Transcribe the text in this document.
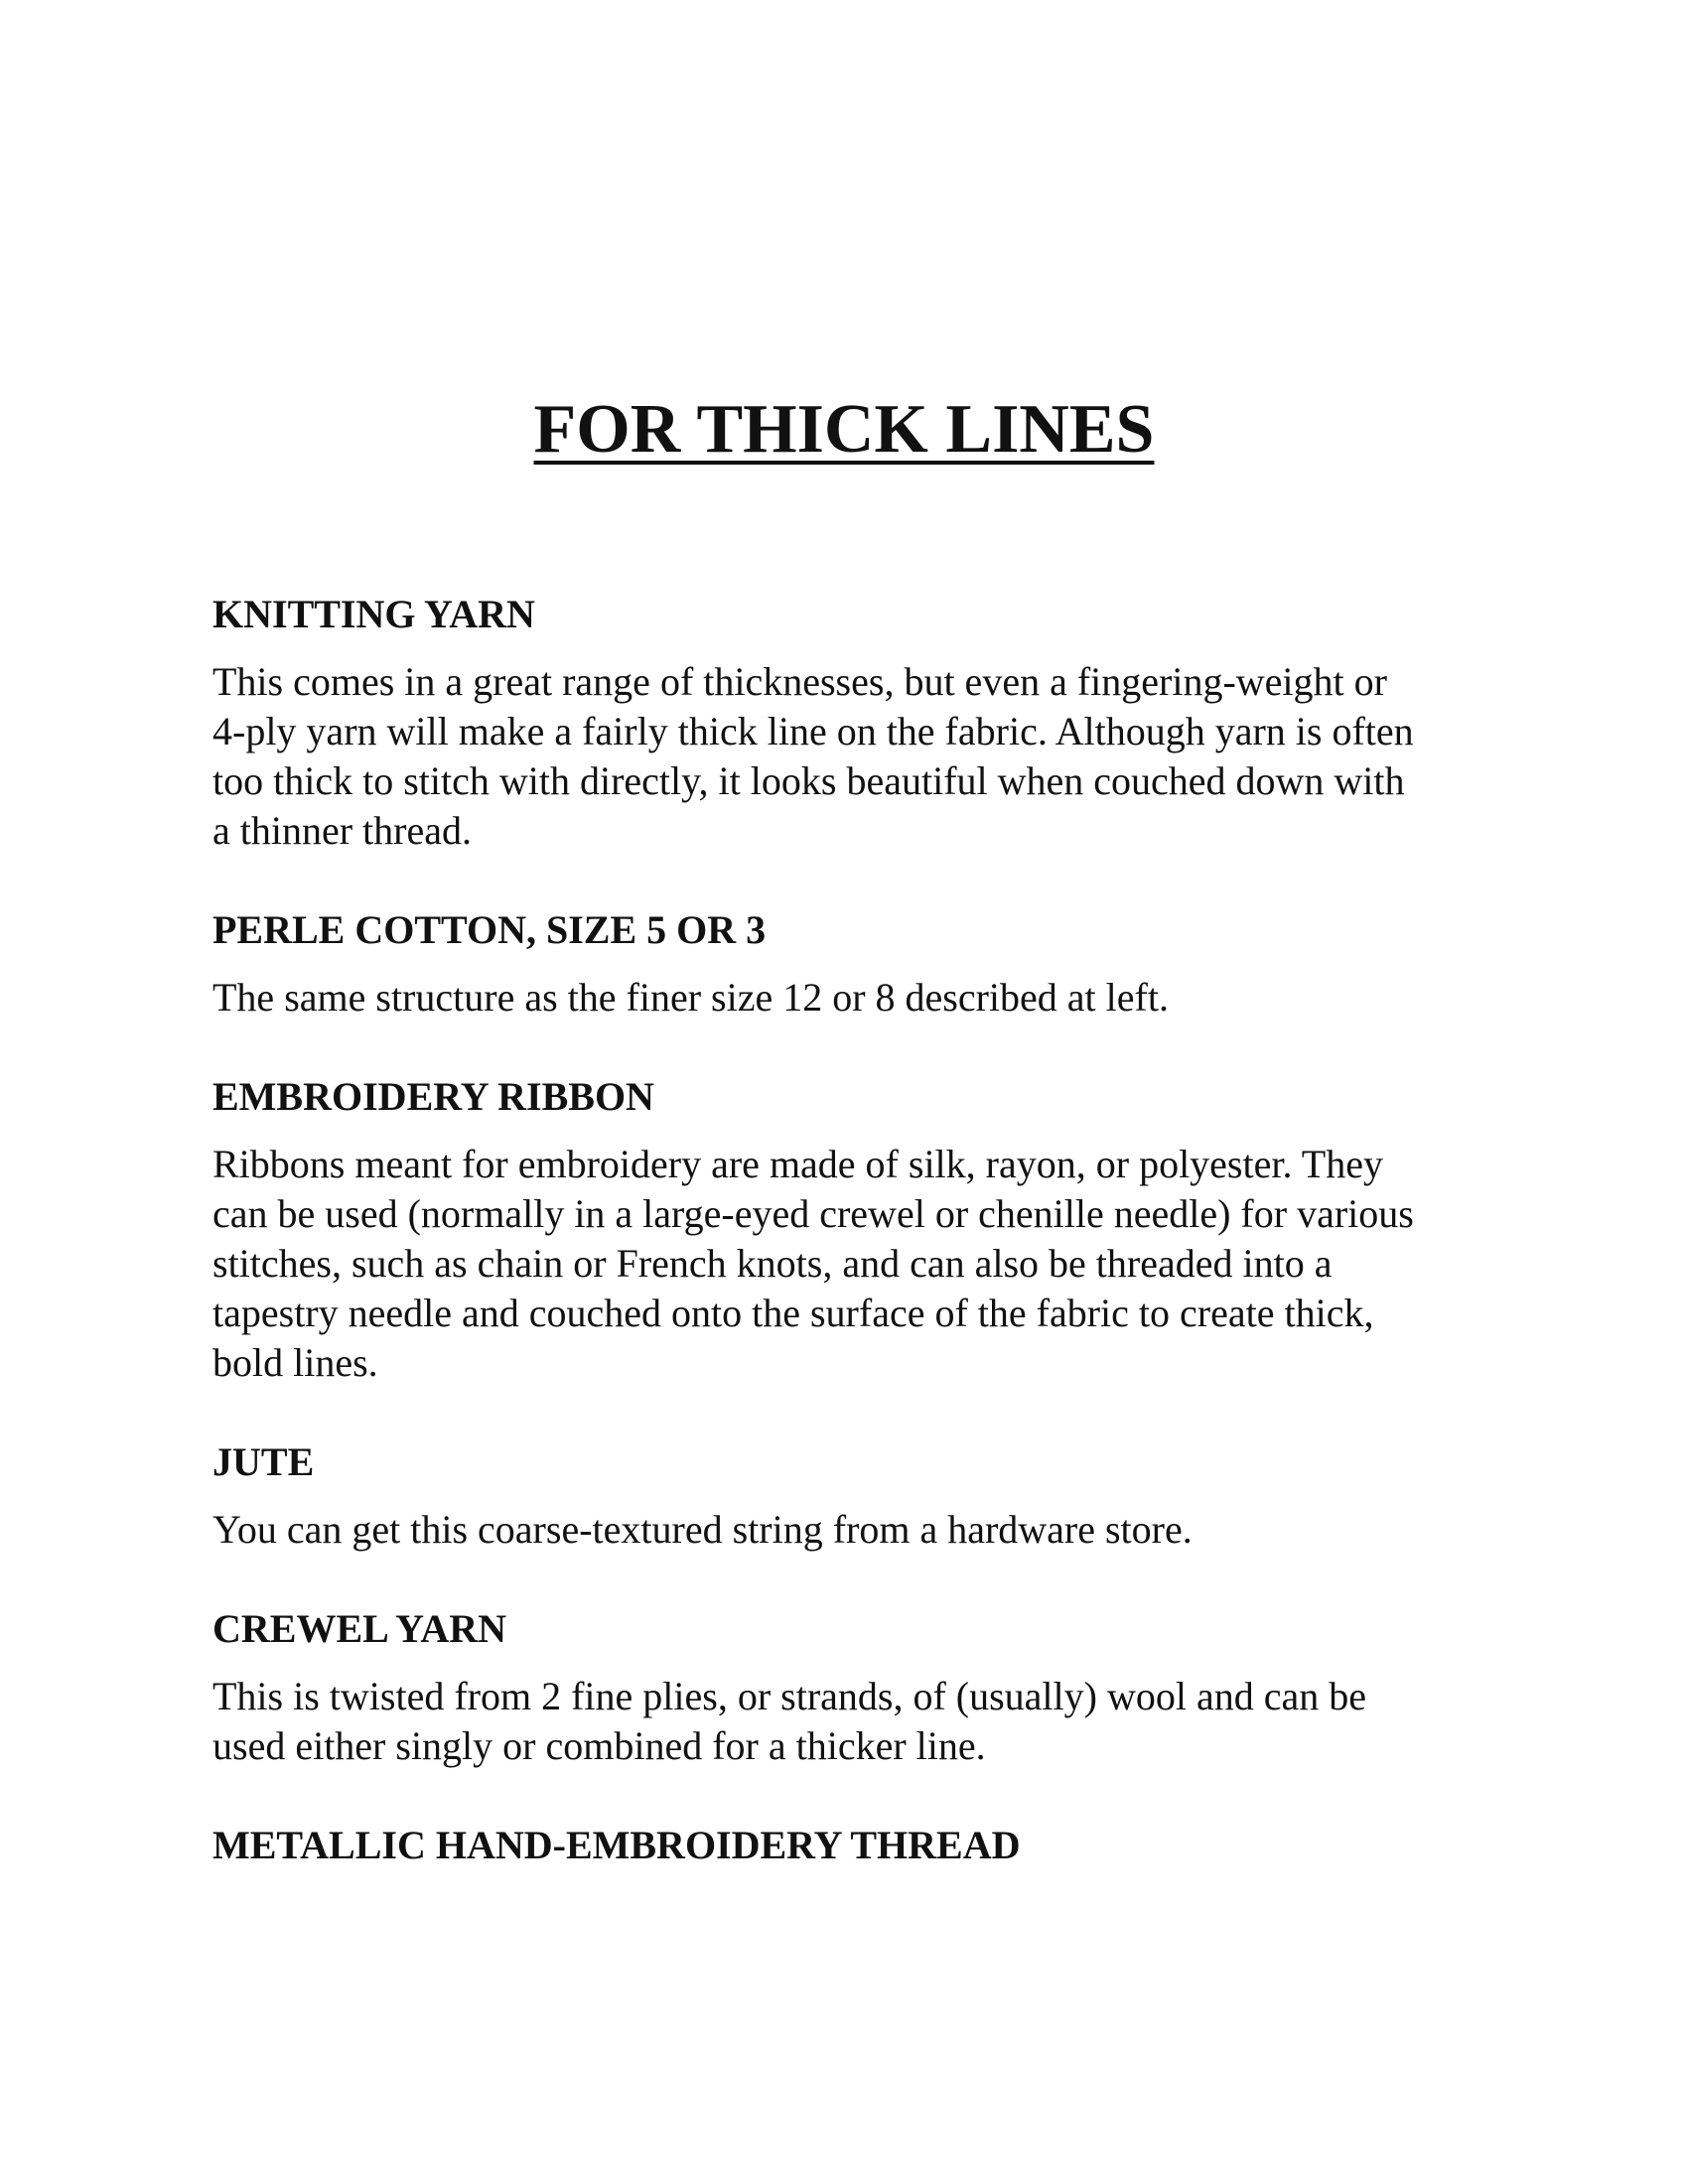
FOR THICK LINES

KNITTING YARN

This comes in a great range of thicknesses, but even a fingering-weight or
4-ply yarn will make a fairly thick line on the fabric. Although yarn is often
too thick to stitch with directly, it looks beautiful when couched down with
a thinner thread.

PERLE COTTON, SIZE 5 OR 3

The same structure as the finer size 12 or 8 described at left.

EMBROIDERY RIBBON

Ribbons meant for embroidery are made of silk, rayon, or polyester. They
can be used (normally in a large-eyed crewel or chenille needle) for various
stitches, such as chain or French knots, and can also be threaded into a
tapestry needle and couched onto the surface of the fabric to create thick,
bold lines.

JUTE

You can get this coarse-textured string from a hardware store.

CREWEL YARN

This is twisted from 2 fine plies, or strands, of (usually) wool and can be
used either singly or combined for a thicker line.

METALLIC HAND-EMBROIDERY THREAD
